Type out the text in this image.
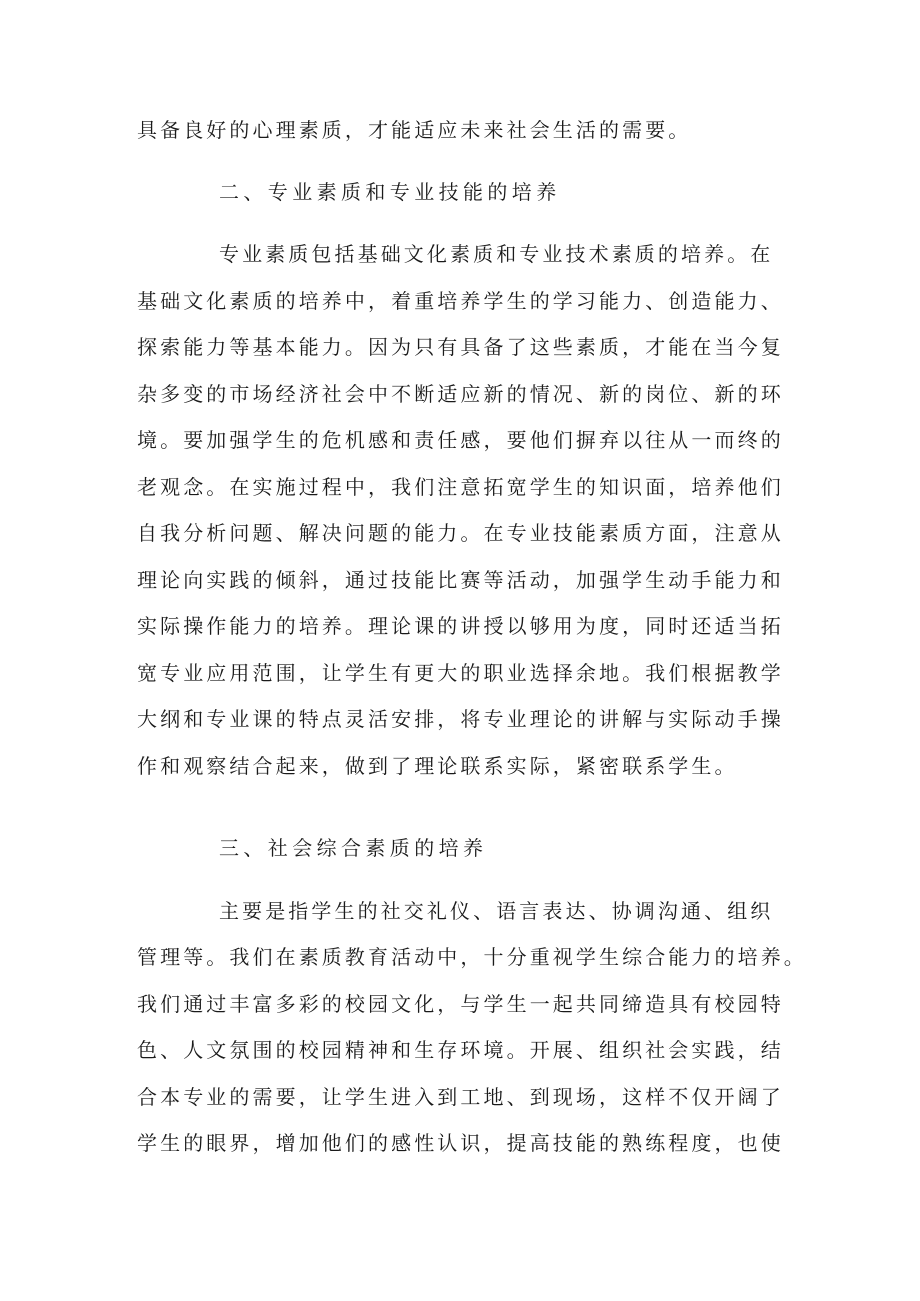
具备良好的心理素质，才能适应未来社会生活的需要。
二、专业素质和专业技能的培养
专业素质包括基础文化素质和专业技术素质的培养。在
基础文化素质的培养中，着重培养学生的学习能力、创造能力、
探索能力等基本能力。因为只有具备了这些素质，才能在当今复
杂多变的市场经济社会中不断适应新的情况、新的岗位、新的环
境。要加强学生的危机感和责任感，要他们摒弃以往从一而终的
老观念。在实施过程中，我们注意拓宽学生的知识面，培养他们
自我分析问题、解决问题的能力。在专业技能素质方面，注意从
理论向实践的倾斜，通过技能比赛等活动，加强学生动手能力和
实际操作能力的培养。理论课的讲授以够用为度，同时还适当拓
宽专业应用范围，让学生有更大的职业选择余地。我们根据教学
大纲和专业课的特点灵活安排，将专业理论的讲解与实际动手操
作和观察结合起来，做到了理论联系实际，紧密联系学生。
三、社会综合素质的培养
主要是指学生的社交礼仪、语言表达、协调沟通、组织
管理等。我们在素质教育活动中，十分重视学生综合能力的培养。
我们通过丰富多彩的校园文化，与学生一起共同缔造具有校园特
色、人文氛围的校园精神和生存环境。开展、组织社会实践，结
合本专业的需要，让学生进入到工地、到现场，这样不仅开阔了
学生的眼界，增加他们的感性认识，提高技能的熟练程度，也使
